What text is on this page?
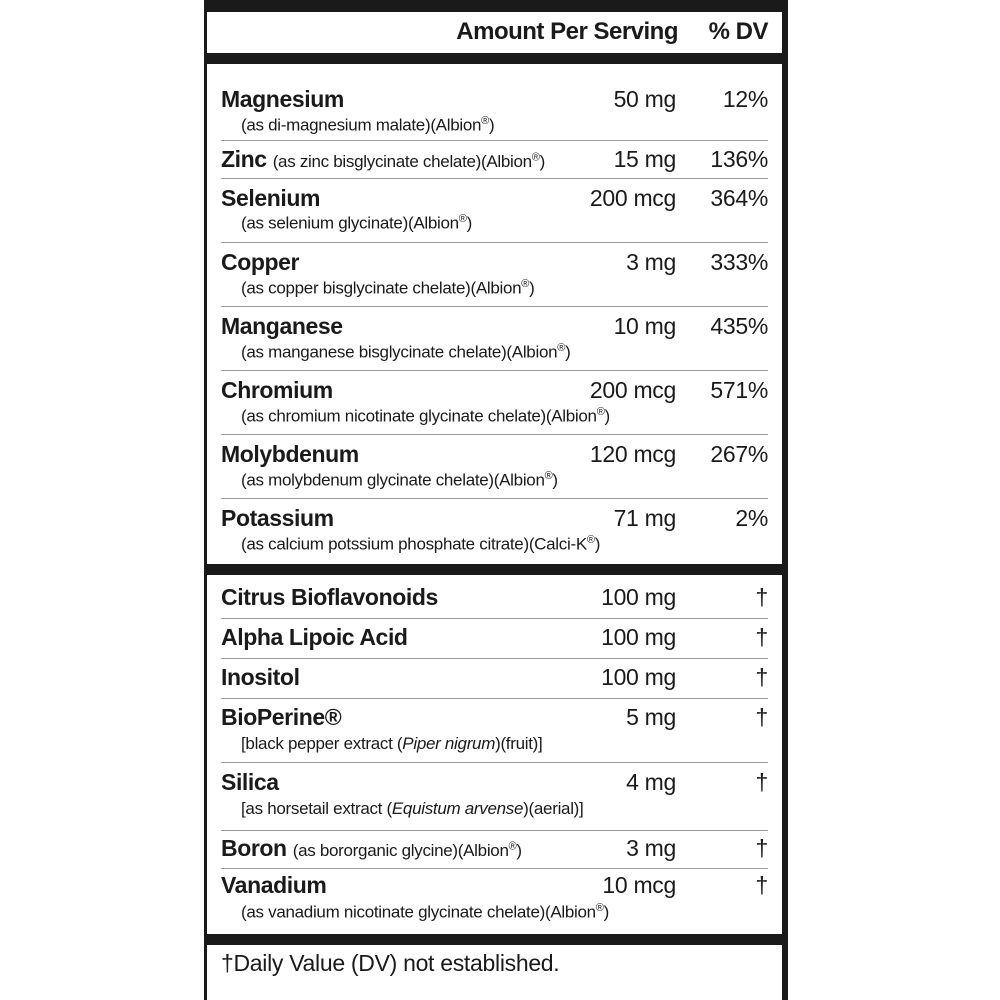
Amount Per Serving % DV
Magnesium
(as di-magnesium malate)(Albion®)
50 mg 12%
Zinc (as zinc bisglycinate chelate)(Albion®)	15 mg 136%
Selenium
(as selenium glycinate)(Albion®)
200 mcg 364%
Copper
(as copper bisglycinate chelate)(Albion®)
3 mg 333%
Manganese
(as manganese bisglycinate chelate)(Albion®)
10 mg 435%
Chromium
(as chromium nicotinate glycinate chelate)(Albion®)
200 mcg 571%
Molybdenum
(as molybdenum glycinate chelate)(Albion®)
120 mcg 267%
Potassium
(as calcium potssium phosphate citrate)(Calci-K®)
71 mg	2%
Citrus Bioflavonoids	100 mg	†
Alpha Lipoic Acid	100 mg	†
Inositol	100 mg	†
BioPerine®
[black pepper extract (Piper nigrum)(fruit)]
5 mg	†
Silica
[as horsetail extract (Equistum arvense)(aerial)]
4 mg	†
Boron (as bororganic glycine)(Albion®)	3 mg	†
Vanadium
(as vanadium nicotinate glycinate chelate)(Albion®)
10 mcg	†
†Daily Value (DV) not established.
